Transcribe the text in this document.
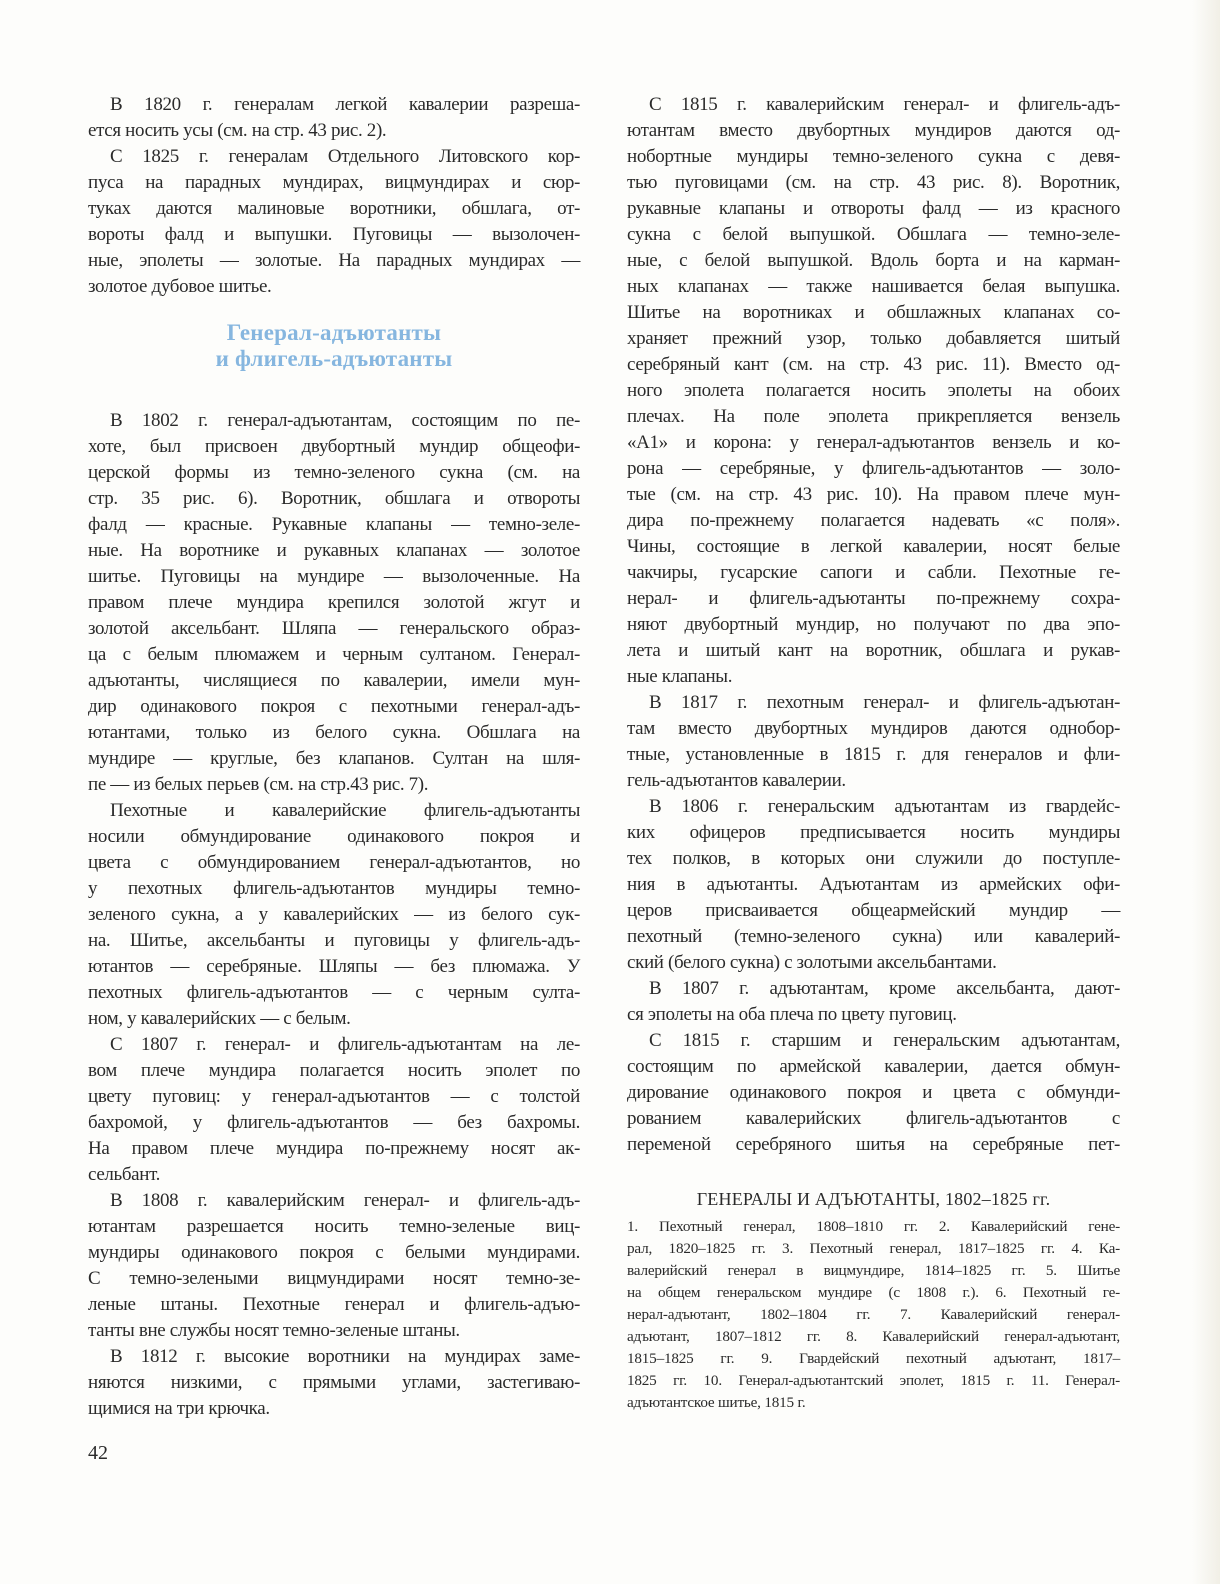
В 1820 г. генералам легкой кавалерии разреша-
ется носить усы (см. на стр. 43 рис. 2).
С 1825 г. генералам Отдельного Литовского кор-
пуса на парадных мундирах, вицмундирах и сюр-
туках даются малиновые воротники, обшлага, от-
вороты фалд и выпушки. Пуговицы — вызолочен-
ные, эполеты — золотые. На парадных мундирах —
золотое дубовое шитье.
Генерал-адъютанты
и флигель-адъютанты
В 1802 г. генерал-адъютантам, состоящим по пе-
хоте, был присвоен двубортный мундир общеофи-
церской формы из темно-зеленого сукна (см. на
стр. 35 рис. 6). Воротник, обшлага и отвороты
фалд — красные. Рукавные клапаны — темно-зеле-
ные. На воротнике и рукавных клапанах — золотое
шитье. Пуговицы на мундире — вызолоченные. На
правом плече мундира крепился золотой жгут и
золотой аксельбант. Шляпа — генеральского образ-
ца с белым плюмажем и черным султаном. Генерал-
адъютанты, числящиеся по кавалерии, имели мун-
дир одинакового покроя с пехотными генерал-адъ-
ютантами, только из белого сукна. Обшлага на
мундире — круглые, без клапанов. Султан на шля-
пе — из белых перьев (см. на стр.43 рис. 7).
Пехотные и кавалерийские флигель-адъютанты
носили обмундирование одинакового покроя и
цвета с обмундированием генерал-адъютантов, но
у пехотных флигель-адъютантов мундиры темно-
зеленого сукна, а у кавалерийских — из белого сук-
на. Шитье, аксельбанты и пуговицы у флигель-адъ-
ютантов — серебряные. Шляпы — без плюмажа. У
пехотных флигель-адъютантов — с черным султа-
ном, у кавалерийских — с белым.
С 1807 г. генерал- и флигель-адъютантам на ле-
вом плече мундира полагается носить эполет по
цвету пуговиц: у генерал-адъютантов — с толстой
бахромой, у флигель-адъютантов — без бахромы.
На правом плече мундира по-прежнему носят ак-
сельбант.
В 1808 г. кавалерийским генерал- и флигель-адъ-
ютантам разрешается носить темно-зеленые виц-
мундиры одинакового покроя с белыми мундирами.
С темно-зелеными вицмундирами носят темно-зе-
леные штаны. Пехотные генерал и флигель-адъю-
танты вне службы носят темно-зеленые штаны.
В 1812 г. высокие воротники на мундирах заме-
няются низкими, с прямыми углами, застегиваю-
щимися на три крючка.
С 1815 г. кавалерийским генерал- и флигель-адъ-
ютантам вместо двубортных мундиров даются од-
нобортные мундиры темно-зеленого сукна с девя-
тью пуговицами (см. на стр. 43 рис. 8). Воротник,
рукавные клапаны и отвороты фалд — из красного
сукна с белой выпушкой. Обшлага — темно-зеле-
ные, с белой выпушкой. Вдоль борта и на карман-
ных клапанах — также нашивается белая выпушка.
Шитье на воротниках и обшлажных клапанах со-
храняет прежний узор, только добавляется шитый
серебряный кант (см. на стр. 43 рис. 11). Вместо од-
ного эполета полагается носить эполеты на обоих
плечах. На поле эполета прикрепляется вензель
«А1» и корона: у генерал-адъютантов вензель и ко-
рона — серебряные, у флигель-адъютантов — золо-
тые (см. на стр. 43 рис. 10). На правом плече мун-
дира по-прежнему полагается надевать «с поля».
Чины, состоящие в легкой кавалерии, носят белые
чакчиры, гусарские сапоги и сабли. Пехотные ге-
нерал- и флигель-адъютанты по-прежнему сохра-
няют двубортный мундир, но получают по два эпо-
лета и шитый кант на воротник, обшлага и рукав-
ные клапаны.
В 1817 г. пехотным генерал- и флигель-адъютан-
там вместо двубортных мундиров даются однобор-
тные, установленные в 1815 г. для генералов и фли-
гель-адъютантов кавалерии.
В 1806 г. генеральским адъютантам из гвардейс-
ких офицеров предписывается носить мундиры
тех полков, в которых они служили до поступле-
ния в адъютанты. Адъютантам из армейских офи-
церов присваивается общеармейский мундир —
пехотный (темно-зеленого сукна) или кавалерий-
ский (белого сукна) с золотыми аксельбантами.
В 1807 г. адъютантам, кроме аксельбанта, дают-
ся эполеты на оба плеча по цвету пуговиц.
С 1815 г. старшим и генеральским адъютантам,
состоящим по армейской кавалерии, дается обмун-
дирование одинакового покроя и цвета с обмунди-
рованием кавалерийских флигель-адъютантов с
переменой серебряного шитья на серебряные пет-
ГЕНЕРАЛЫ И АДЪЮТАНТЫ, 1802–1825 гг.
1. Пехотный генерал, 1808–1810 гг. 2. Кавалерийский гене-
рал, 1820–1825 гг. 3. Пехотный генерал, 1817–1825 гг. 4. Ка-
валерийский генерал в вицмундире, 1814–1825 гг. 5. Шитье
на общем генеральском мундире (с 1808 г.). 6. Пехотный ге-
нерал-адъютант, 1802–1804 гг. 7. Кавалерийский генерал-
адъютант, 1807–1812 гг. 8. Кавалерийский генерал-адъютант,
1815–1825 гг. 9. Гвардейский пехотный адъютант, 1817–
1825 гг. 10. Генерал-адъютантский эполет, 1815 г. 11. Генерал-
адъютантское шитье, 1815 г.
42
